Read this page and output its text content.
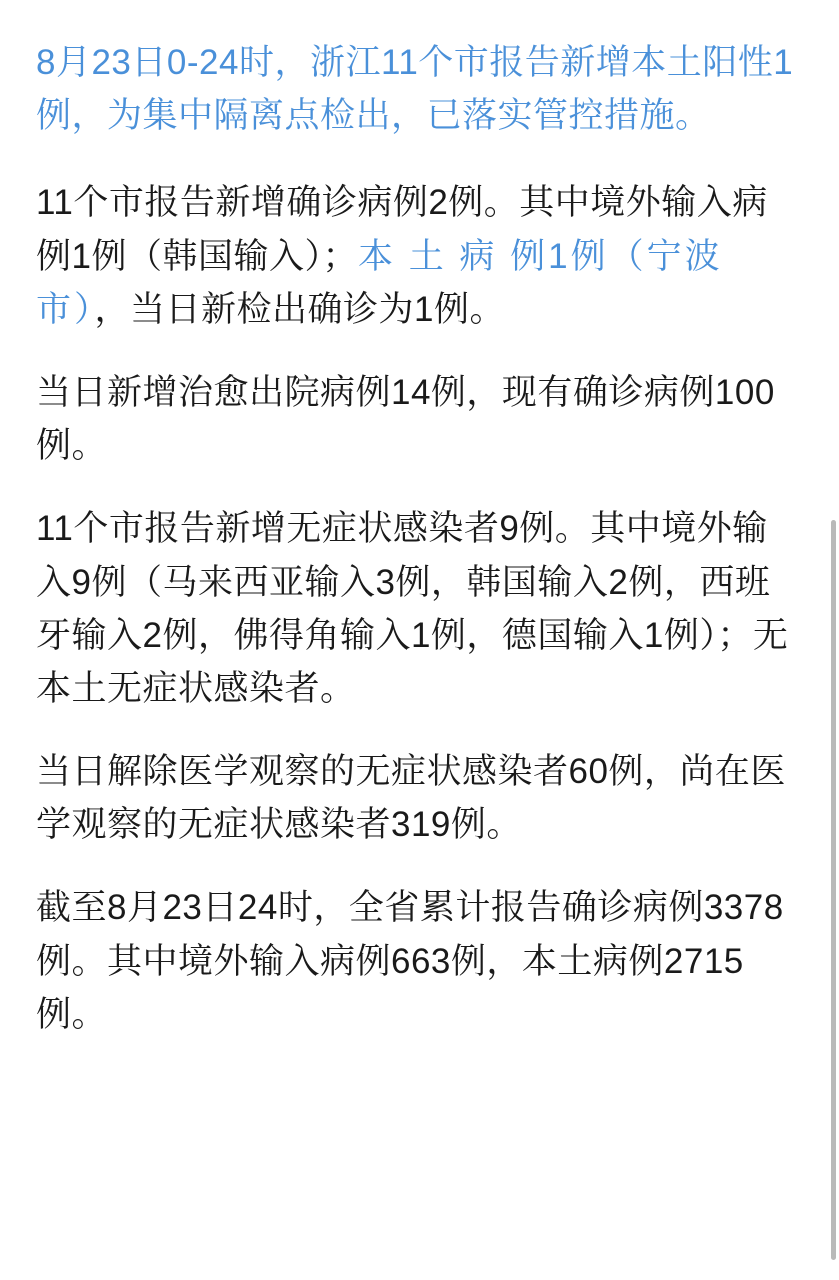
8月23日0-24时，浙江11个市报告新增本土阳性1例，为集中隔离点检出，已落实管控措施。

11个市报告新增确诊病例2例。其中境外输入病例1例（韩国输入）；本 土 病 例1例（宁波市），当日新检出确诊为1例。

当日新增治愈出院病例14例，现有确诊病例100例。

11个市报告新增无症状感染者9例。其中境外输入9例（马来西亚输入3例，韩国输入2例，西班牙输入2例，佛得角输入1例，德国输入1例）；无本土无症状感染者。

当日解除医学观察的无症状感染者60例，尚在医学观察的无症状感染者319例。

截至8月23日24时，全省累计报告确诊病例3378例。其中境外输入病例663例，本土病例2715例。
